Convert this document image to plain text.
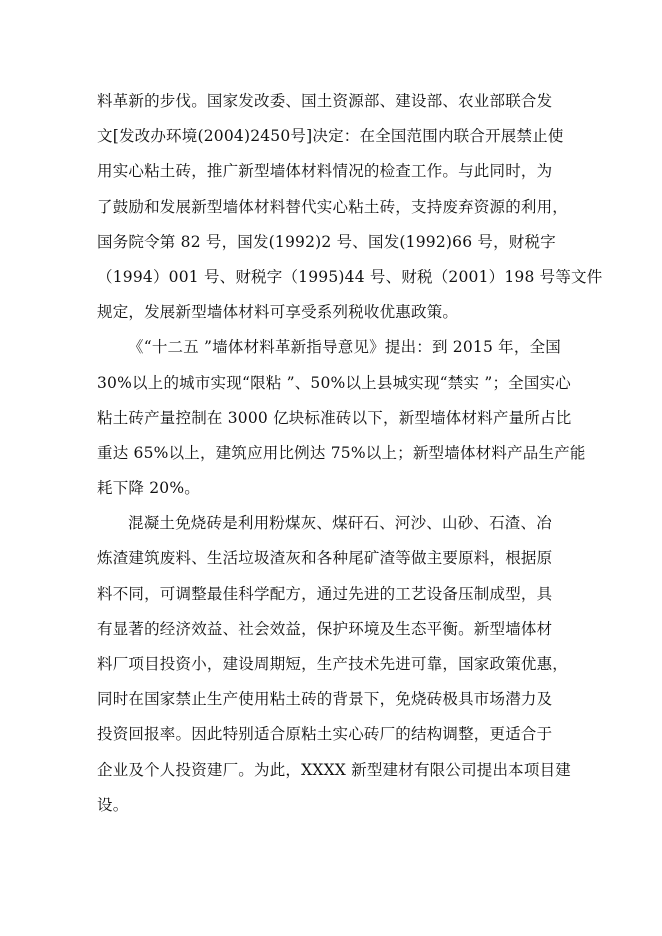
料革新的步伐。国家发改委、国土资源部、建设部、农业部联合发
文[发改办环境(2004)2450号]决定：在全国范围内联合开展禁止使
用实心粘土砖，推广新型墙体材料情况的检查工作。与此同时，为
了鼓励和发展新型墙体材料替代实心粘土砖，支持废弃资源的利用，
国务院令第 82 号，国发(1992)2 号、国发(1992)66 号，财税字
（1994）001 号、财税字（1995)44 号、财税（2001）198 号等文件
规定，发展新型墙体材料可享受系列税收优惠政策。
《“十二五 ”墙体材料革新指导意见》提出：到 2015 年，全国
30%以上的城市实现“限粘 ”、50%以上县城实现“禁实 ”；全国实心
粘土砖产量控制在 3000 亿块标准砖以下，新型墙体材料产量所占比
重达 65%以上，建筑应用比例达 75%以上；新型墙体材料产品生产能
耗下降 20%。
混凝土免烧砖是利用粉煤灰、煤矸石、河沙、山砂、石渣、冶
炼渣建筑废料、生活垃圾渣灰和各种尾矿渣等做主要原料，根据原
料不同，可调整最佳科学配方，通过先进的工艺设备压制成型，具
有显著的经济效益、社会效益，保护环境及生态平衡。新型墙体材
料厂项目投资小，建设周期短，生产技术先进可靠，国家政策优惠，
同时在国家禁止生产使用粘土砖的背景下，免烧砖极具市场潜力及
投资回报率。因此特别适合原粘土实心砖厂的结构调整，更适合于
企业及个人投资建厂。为此，XXXX 新型建材有限公司提出本项目建
设。
